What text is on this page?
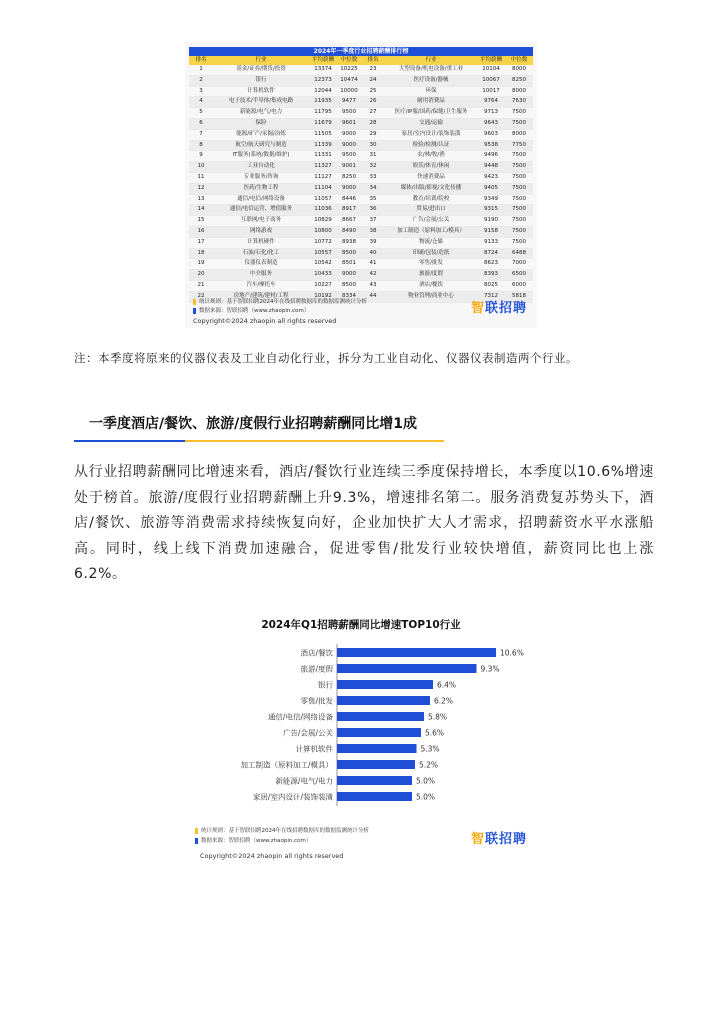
2024年一季度行业招聘薪酬排行榜
排名	行业	平均薪酬	中位数	排名	行业	平均薪酬	中位数
1	基金/证券/期货/投资	13374	10225	23	大型设备/机电设备/重工业	10104	8000
2	银行	12373	10474	24	医疗设备/器械	10067	8250
3	计算机软件	12044	10000	25	环保	10017	8000
4	电子技术/半导体/集成电路	11935	9477	26	耐用消费品	9764	7630
5	新能源/电气/电力	11795	9500	27	医疗/IP服/国药/保健/卫生服务	9713	7500
6	保险	11679	9601	28	交通/运输	9643	7500
7	能源/矿产/采掘/冶炼	11505	9000	29	家居/室内设计/装饰装潢	9603	8000
8	航空/航天研究与制造	11339	9000	30	检验/检测/认证	9538	7750
9	IT服务(系统/数据/维护)	11331	9500	31	农/林/牧/渔	9496	7500
10	工业自动化	11327	9001	32	娱乐/体育/休闲	9448	7500
11	专业服务/咨询	11127	8250	33	快速消费品	9423	7500
12	医药/生物工程	11104	9000	34	媒体/出版/影视/文化传播	9405	7500
13	通信/电信/网络设备	11057	8446	35	教育/培训/院校	9349	7500
14	通信/电信运营、增值服务	11036	8917	36	贸易/进出口	9315	7500
15	互联网/电子商务	10829	8667	37	广告/会展/公关	9190	7500
16	网络游戏	10800	8490	38	加工制造（原料加工/模具）	9158	7500
17	计算机硬件	10772	8938	39	物流/仓储	9133	7500
18	石油/石化/化工	10557	8500	40	印刷/包装/造纸	8724	6488
19	仪器仪表制造	10542	8501	41	零售/批发	8623	7000
20	中介服务	10433	9000	42	旅游/度假	8393	6500
21	汽车/摩托车	10227	8500	43	酒店/餐饮	8025	6000
22	房地产/建筑/建材/工程	10192	8334	44	物业管理/商业中心	7312	5818
统计规则：基于智联招聘2024年在线招聘数据库的数据监测统计分析
数据来源：智联招聘（www.zhaopin.com）	智联招聘
Copyright©2024 zhaopin all rights reserved
注：本季度将原来的仪器仪表及工业自动化行业，拆分为工业自动化、仪器仪表制造两个行业。
一季度酒店/餐饮、旅游/度假行业招聘薪酬同比增1成
从行业招聘薪酬同比增速来看，酒店/餐饮行业连续三季度保持增长，本季度以10.6%增速处于榜首。旅游/度假行业招聘薪酬上升9.3%，增速排名第二。服务消费复苏势头下，酒店/餐饮、旅游等消费需求持续恢复向好，企业加快扩大人才需求，招聘薪资水平水涨船高。同时，线上线下消费加速融合，促进零售/批发行业较快增值，薪资同比也上涨6.2%。
2024年Q1招聘薪酬同比增速TOP10行业
酒店/餐饮	10.6%
旅游/度假	9.3%
银行	6.4%
零售/批发	6.2%
通信/电信/网络设备	5.8%
广告/会展/公关	5.6%
计算机软件	5.3%
加工制造（原料加工/模具）	5.2%
新能源/电气/电力	5.0%
家居/室内设计/装饰装潢	5.0%
统计规则：基于智联招聘2024年在线招聘数据库的数据监测统计分析
数据来源：智联招聘（www.zhaopin.com）	智联招聘
Copyright©2024 zhaopin all rights reserved
